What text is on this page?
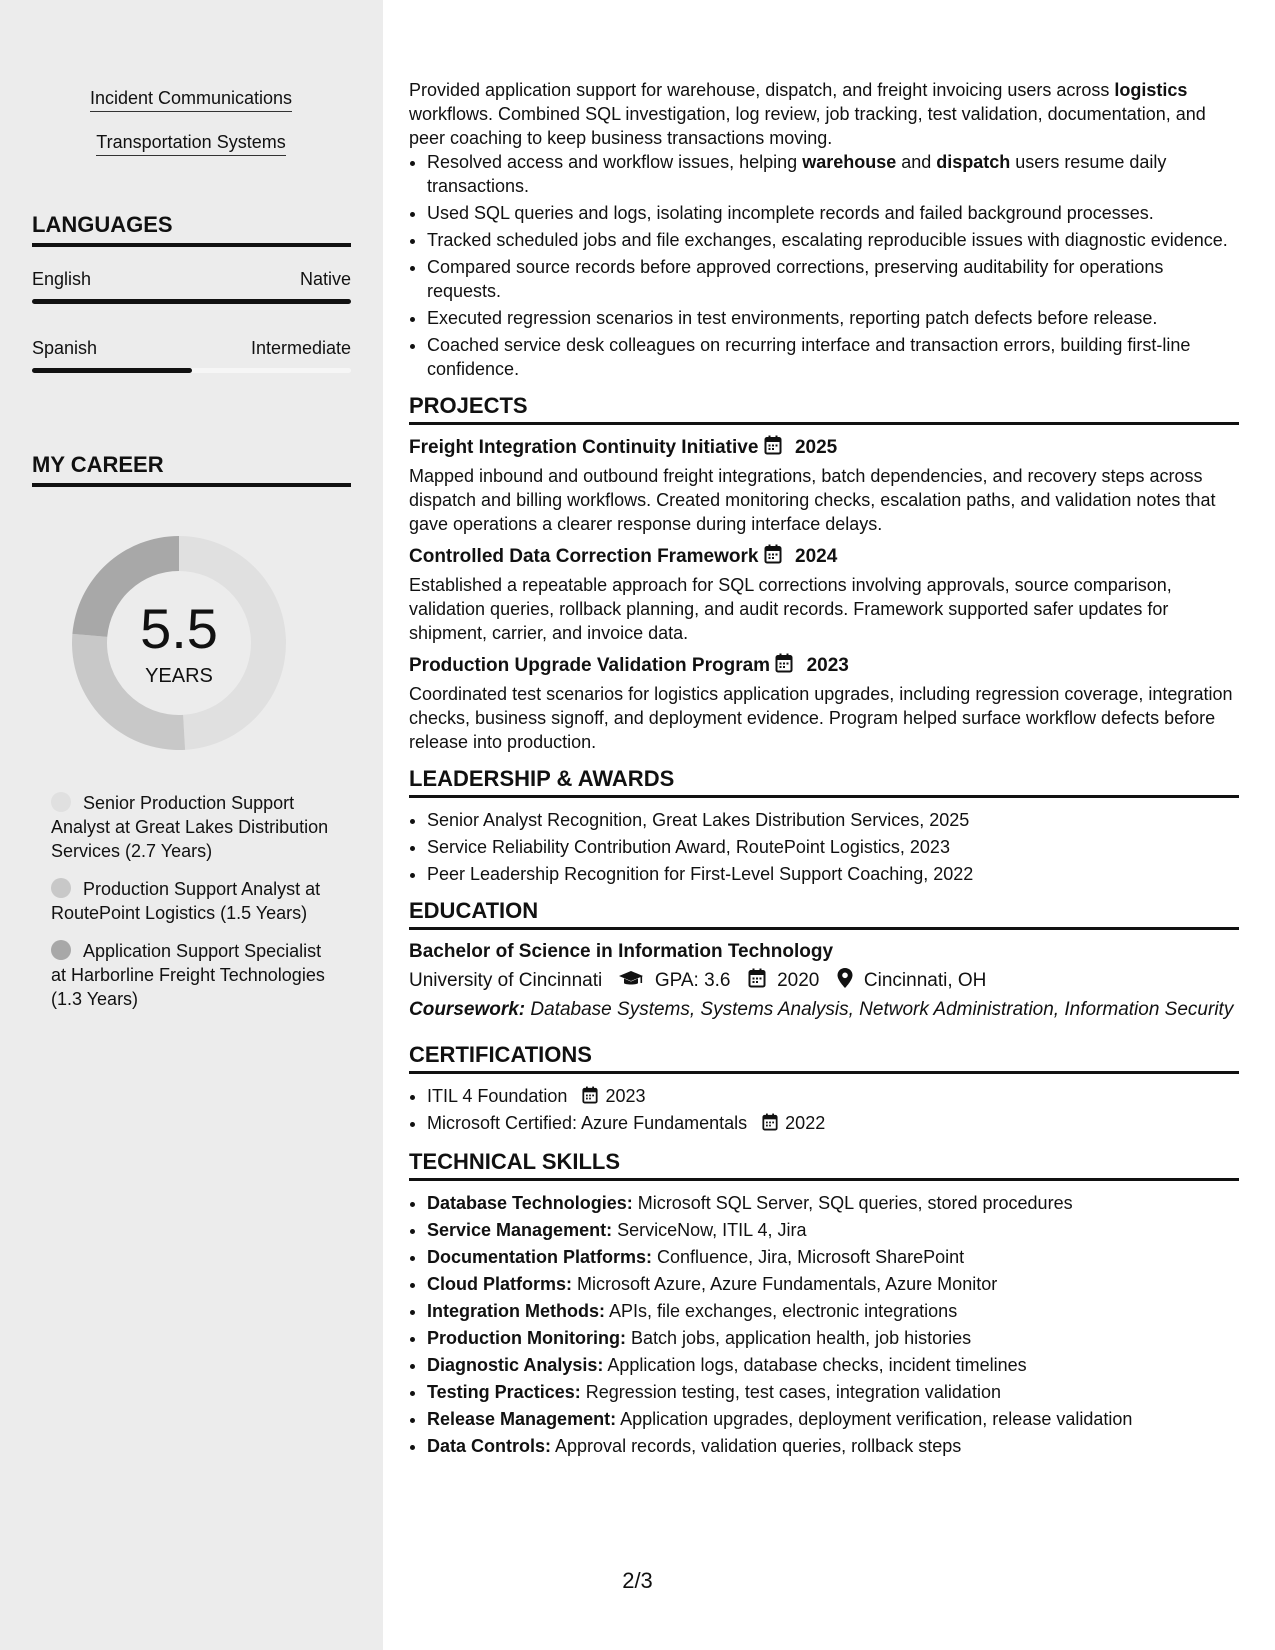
Incident Communications
Transportation Systems
LANGUAGES
English	Native
Spanish	Intermediate
MY CAREER
5.5
YEARS
Senior Production Support Analyst at Great Lakes Distribution Services (2.7 Years)
Production Support Analyst at RoutePoint Logistics (1.5 Years)
Application Support Specialist at Harborline Freight Technologies (1.3 Years)

Provided application support for warehouse, dispatch, and freight invoicing users across logistics workflows. Combined SQL investigation, log review, job tracking, test validation, documentation, and peer coaching to keep business transactions moving.

• Resolved access and workflow issues, helping warehouse and dispatch users resume daily transactions.
• Used SQL queries and logs, isolating incomplete records and failed background processes.
• Tracked scheduled jobs and file exchanges, escalating reproducible issues with diagnostic evidence.
• Compared source records before approved corrections, preserving auditability for operations requests.
• Executed regression scenarios in test environments, reporting patch defects before release.
• Coached service desk colleagues on recurring interface and transaction errors, building first-line confidence.
PROJECTS
Freight Integration Continuity Initiative 2025

Mapped inbound and outbound freight integrations, batch dependencies, and recovery steps across dispatch and billing workflows. Created monitoring checks, escalation paths, and validation notes that gave operations a clearer response during interface delays.

Controlled Data Correction Framework 2024

Established a repeatable approach for SQL corrections involving approvals, source comparison, validation queries, rollback planning, and audit records. Framework supported safer updates for shipment, carrier, and invoice data.

Production Upgrade Validation Program 2023

Coordinated test scenarios for logistics application upgrades, including regression coverage, integration checks, business signoff, and deployment evidence. Program helped surface workflow defects before release into production.

LEADERSHIP & AWARDS
• Senior Analyst Recognition, Great Lakes Distribution Services, 2025
• Service Reliability Contribution Award, RoutePoint Logistics, 2023
• Peer Leadership Recognition for First-Level Support Coaching, 2022
EDUCATION
Bachelor of Science in Information Technology
University of Cincinnati	GPA: 3.6 2020 Cincinnati, OH
Coursework: Database Systems, Systems Analysis, Network Administration, Information Security
CERTIFICATIONS
• ITIL 4 Foundation 2023
• Microsoft Certified: Azure Fundamentals 2022
TECHNICAL SKILLS
• Database Technologies: Microsoft SQL Server, SQL queries, stored procedures
• Service Management: ServiceNow, ITIL 4, Jira
• Documentation Platforms: Confluence, Jira, Microsoft SharePoint
• Cloud Platforms: Microsoft Azure, Azure Fundamentals, Azure Monitor
• Integration Methods: APIs, file exchanges, electronic integrations
• Production Monitoring: Batch jobs, application health, job histories
• Diagnostic Analysis: Application logs, database checks, incident timelines
• Testing Practices: Regression testing, test cases, integration validation
• Release Management: Application upgrades, deployment verification, release validation
• Data Controls: Approval records, validation queries, rollback steps
2/3
